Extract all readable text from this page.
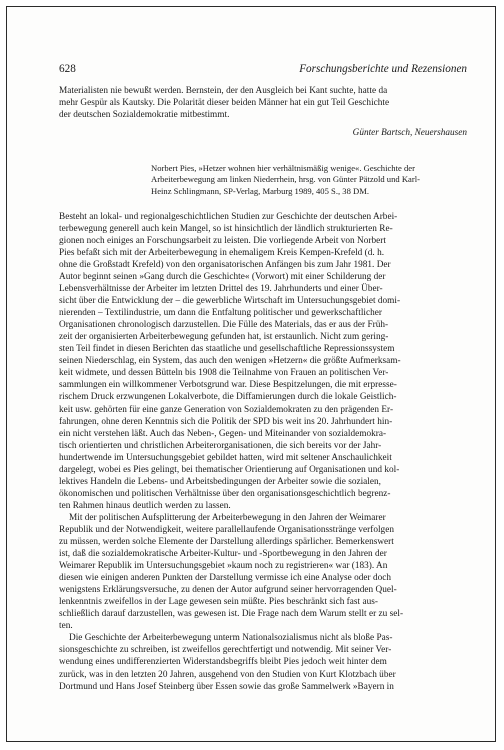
628	Forschungsberichte und Rezensionen

Materialisten nie bewußt werden. Bernstein, der den Ausgleich bei Kant suchte, hatte da
mehr Gespür als Kautsky. Die Polarität dieser beiden Männer hat ein gut Teil Geschichte
der deutschen Sozialdemokratie mitbestimmt.

Günter Bartsch, Neuershausen

Norbert Pies, »Hetzer wohnen hier verhältnismäßig wenige«. Geschichte der
Arbeiterbewegung am linken Niederrhein, hrsg. von Günter Pätzold und Karl-
Heinz Schlingmann, SP-Verlag, Marburg 1989, 405 S., 38 DM.

Besteht an lokal- und regionalgeschichtlichen Studien zur Geschichte der deutschen Arbei-
terbewegung generell auch kein Mangel, so ist hinsichtlich der ländlich strukturierten Re-
gionen noch einiges an Forschungsarbeit zu leisten. Die vorliegende Arbeit von Norbert
Pies befaßt sich mit der Arbeiterbewegung in ehemaligem Kreis Kempen-Krefeld (d. h.
ohne die Großstadt Krefeld) von den organisatorischen Anfängen bis zum Jahr 1981. Der
Autor beginnt seinen »Gang durch die Geschichte« (Vorwort) mit einer Schilderung der
Lebensverhältnisse der Arbeiter im letzten Drittel des 19. Jahrhunderts und einer Über-
sicht über die Entwicklung der – die gewerbliche Wirtschaft im Untersuchungsgebiet domi-
nierenden – Textilindustrie, um dann die Entfaltung politischer und gewerkschaftlicher
Organisationen chronologisch darzustellen. Die Fülle des Materials, das er aus der Früh-
zeit der organisierten Arbeiterbewegung gefunden hat, ist erstaunlich. Nicht zum gering-
sten Teil findet in diesen Berichten das staatliche und gesellschaftliche Repressionssystem
seinen Niederschlag, ein System, das auch den wenigen »Hetzern« die größte Aufmerksam-
keit widmete, und dessen Bütteln bis 1908 die Teilnahme von Frauen an politischen Ver-
sammlungen ein willkommener Verbotsgrund war. Diese Bespitzelungen, die mit erpresse-
rischem Druck erzwungenen Lokalverbote, die Diffamierungen durch die lokale Geistlich-
keit usw. gehörten für eine ganze Generation von Sozialdemokraten zu den prägenden Er-
fahrungen, ohne deren Kenntnis sich die Politik der SPD bis weit ins 20. Jahrhundert hin-
ein nicht verstehen läßt. Auch das Neben-, Gegen- und Miteinander von sozialdemokra-
tisch orientierten und christlichen Arbeiterorganisationen, die sich bereits vor der Jahr-
hundertwende im Untersuchungsgebiet gebildet hatten, wird mit seltener Anschaulichkeit
dargelegt, wobei es Pies gelingt, bei thematischer Orientierung auf Organisationen und kol-
lektives Handeln die Lebens- und Arbeitsbedingungen der Arbeiter sowie die sozialen,
ökonomischen und politischen Verhältnisse über den organisationsgeschichtlich begrenz-
ten Rahmen hinaus deutlich werden zu lassen.

Mit der politischen Aufsplitterung der Arbeiterbewegung in den Jahren der Weimarer
Republik und der Notwendigkeit, weitere parallellaufende Organisationsstränge verfolgen
zu müssen, werden solche Elemente der Darstellung allerdings spärlicher. Bemerkenswert
ist, daß die sozialdemokratische Arbeiter-Kultur- und -Sportbewegung in den Jahren der
Weimarer Republik im Untersuchungsgebiet »kaum noch zu registrieren« war (183). An
diesen wie einigen anderen Punkten der Darstellung vermisse ich eine Analyse oder doch
wenigstens Erklärungsversuche, zu denen der Autor aufgrund seiner hervorragenden Quel-
lenkenntnis zweifellos in der Lage gewesen sein müßte. Pies beschränkt sich fast aus-
schließlich darauf darzustellen, was gewesen ist. Die Frage nach dem Warum stellt er zu sel-
ten.

Die Geschichte der Arbeiterbewegung unterm Nationalsozialismus nicht als bloße Pas-
sionsgeschichte zu schreiben, ist zweifellos gerechtfertigt und notwendig. Mit seiner Ver-
wendung eines undifferenzierten Widerstandsbegriffs bleibt Pies jedoch weit hinter dem
zurück, was in den letzten 20 Jahren, ausgehend von den Studien von Kurt Klotzbach über
Dortmund und Hans Josef Steinberg über Essen sowie das große Sammelwerk »Bayern in
